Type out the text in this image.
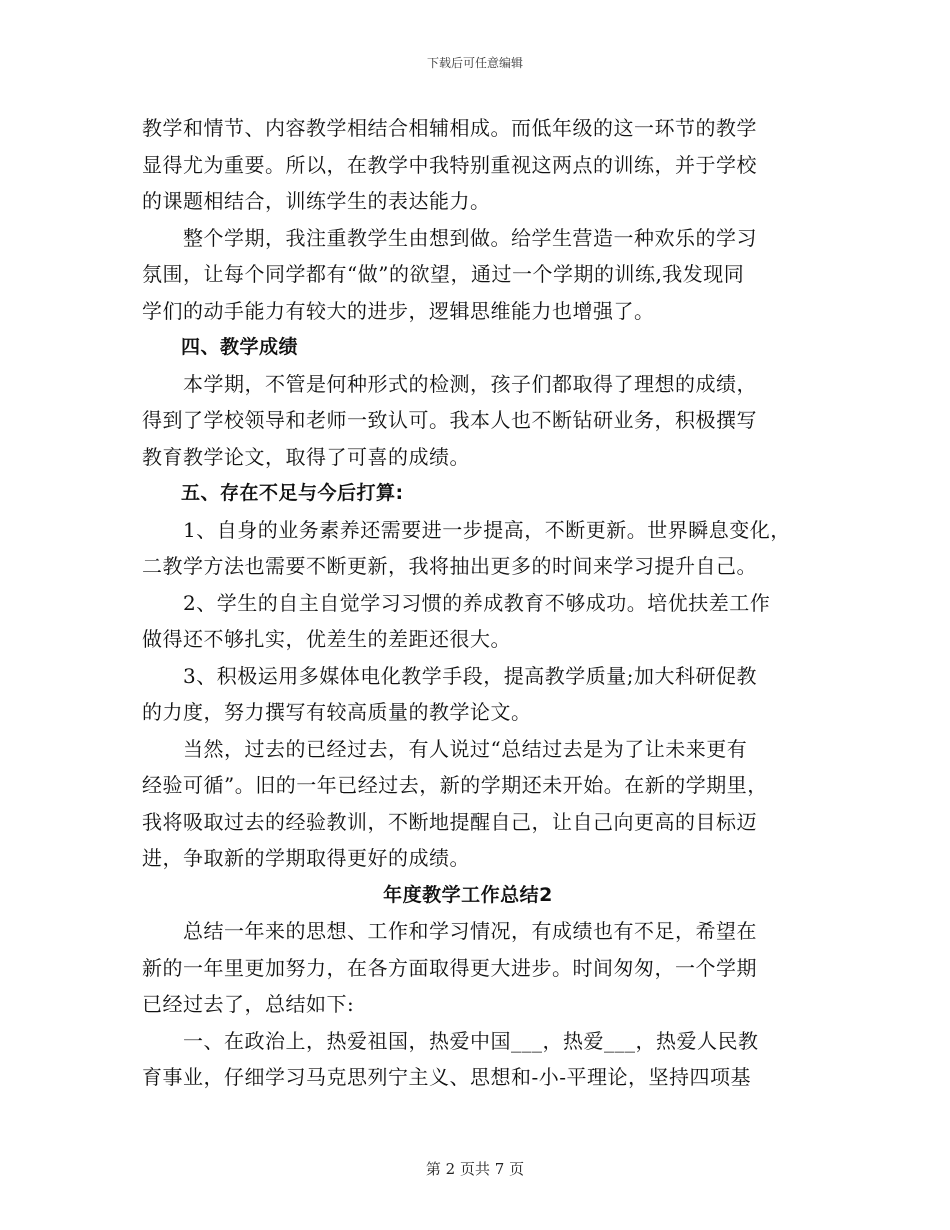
下载后可任意编辑

教学和情节、内容教学相结合相辅相成。而低年级的这一环节的教学
显得尤为重要。所以，在教学中我特别重视这两点的训练，并于学校
的课题相结合，训练学生的表达能力。
　　整个学期，我注重教学生由想到做。给学生营造一种欢乐的学习
氛围，让每个同学都有“做”的欲望，通过一个学期的训练,我发现同
学们的动手能力有较大的进步，逻辑思维能力也增强了。
　　四、教学成绩
　　本学期，不管是何种形式的检测，孩子们都取得了理想的成绩，
得到了学校领导和老师一致认可。我本人也不断钻研业务，积极撰写
教育教学论文，取得了可喜的成绩。
　　五、存在不足与今后打算:
　　1、自身的业务素养还需要进一步提高，不断更新。世界瞬息变化，
二教学方法也需要不断更新，我将抽出更多的时间来学习提升自己。
　　2、学生的自主自觉学习习惯的养成教育不够成功。培优扶差工作
做得还不够扎实，优差生的差距还很大。
　　3、积极运用多媒体电化教学手段，提高教学质量;加大科研促教
的力度，努力撰写有较高质量的教学论文。
　　当然，过去的已经过去，有人说过“总结过去是为了让未来更有
经验可循”。旧的一年已经过去，新的学期还未开始。在新的学期里，
我将吸取过去的经验教训，不断地提醒自己，让自己向更高的目标迈
进，争取新的学期取得更好的成绩。
年度教学工作总结2
　　总结一年来的思想、工作和学习情况，有成绩也有不足，希望在
新的一年里更加努力，在各方面取得更大进步。时间匆匆，一个学期
已经过去了，总结如下:
　　一、在政治上，热爱祖国，热爱中国___，热爱___，热爱人民教
育事业，仔细学习马克思列宁主义、思想和-小-平理论，坚持四项基

第 2 页共 7 页
